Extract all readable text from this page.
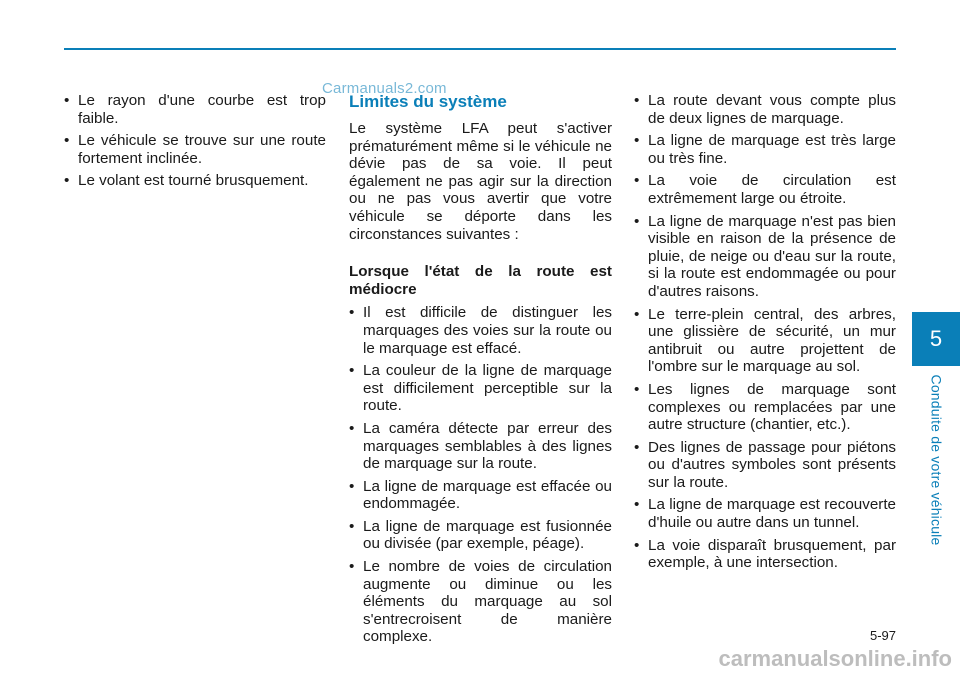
Carmanuals2.com
• Le rayon d'une courbe est trop faible.
• Le véhicule se trouve sur une route fortement inclinée.
• Le volant est tourné brusquement.
Limites du système

Le système LFA peut s'activer prématurément même si le véhicule ne dévie pas de sa voie. Il peut également ne pas agir sur la direction ou ne pas vous avertir que votre véhicule se déporte dans les circonstances suivantes :

Lorsque l'état de la route est médiocre

• Il est difficile de distinguer les marquages des voies sur la route ou le marquage est effacé.
• La couleur de la ligne de marquage est difficilement perceptible sur la route.
• La caméra détecte par erreur des marquages semblables à des lignes de marquage sur la route.
• La ligne de marquage est effacée ou endommagée.
• La ligne de marquage est fusionnée ou divisée (par exemple, péage).
• Le nombre de voies de circulation augmente ou diminue ou les éléments du marquage au sol s'entrecroisent de manière complexe.
• La route devant vous compte plus de deux lignes de marquage.
• La ligne de marquage est très large ou très fine.
• La voie de circulation est extrêmement large ou étroite.
• La ligne de marquage n'est pas bien visible en raison de la présence de pluie, de neige ou d'eau sur la route, si la route est endommagée ou pour d'autres raisons.
• Le terre-plein central, des arbres, une glissière de sécurité, un mur antibruit ou autre projettent de l'ombre sur le marquage au sol.
• Les lignes de marquage sont complexes ou remplacées par une autre structure (chantier, etc.).
• Des lignes de passage pour piétons ou d'autres symboles sont présents sur la route.
• La ligne de marquage est recouverte d'huile ou autre dans un tunnel.
• La voie disparaît brusquement, par exemple, à une intersection.
5
Conduite de votre véhicule
5-97
carmanualsonline.info
